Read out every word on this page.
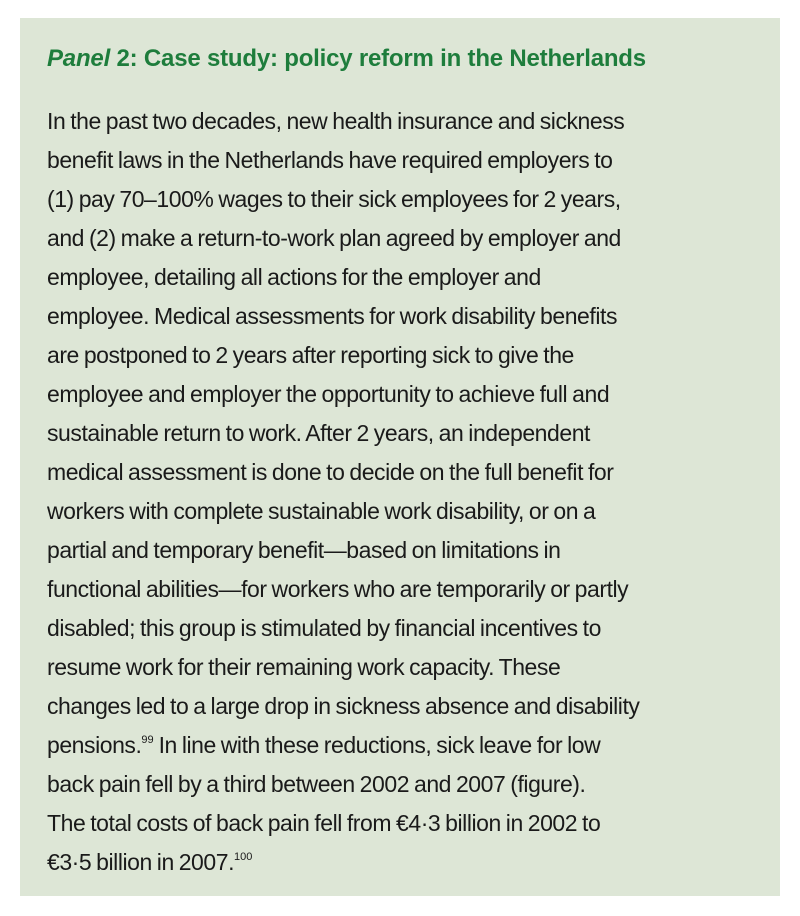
Panel 2: Case study: policy reform in the Netherlands
In the past two decades, new health insurance and sickness
benefit laws in the Netherlands have required employers to
(1) pay 70–100% wages to their sick employees for 2 years,
and (2) make a return-to-work plan agreed by employer and
employee, detailing all actions for the employer and
employee. Medical assessments for work disability benefits
are postponed to 2 years after reporting sick to give the
employee and employer the opportunity to achieve full and
sustainable return to work. After 2 years, an independent
medical assessment is done to decide on the full benefit for
workers with complete sustainable work disability, or on a
partial and temporary benefit—based on limitations in
functional abilities—for workers who are temporarily or partly
disabled; this group is stimulated by financial incentives to
resume work for their remaining work capacity. These
changes led to a large drop in sickness absence and disability
pensions.$^{99}$ In line with these reductions, sick leave for low
back pain fell by a third between 2002 and 2007 (figure).
The total costs of back pain fell from €4·3 billion in 2002 to
€3·5 billion in 2007.$^{100}$
